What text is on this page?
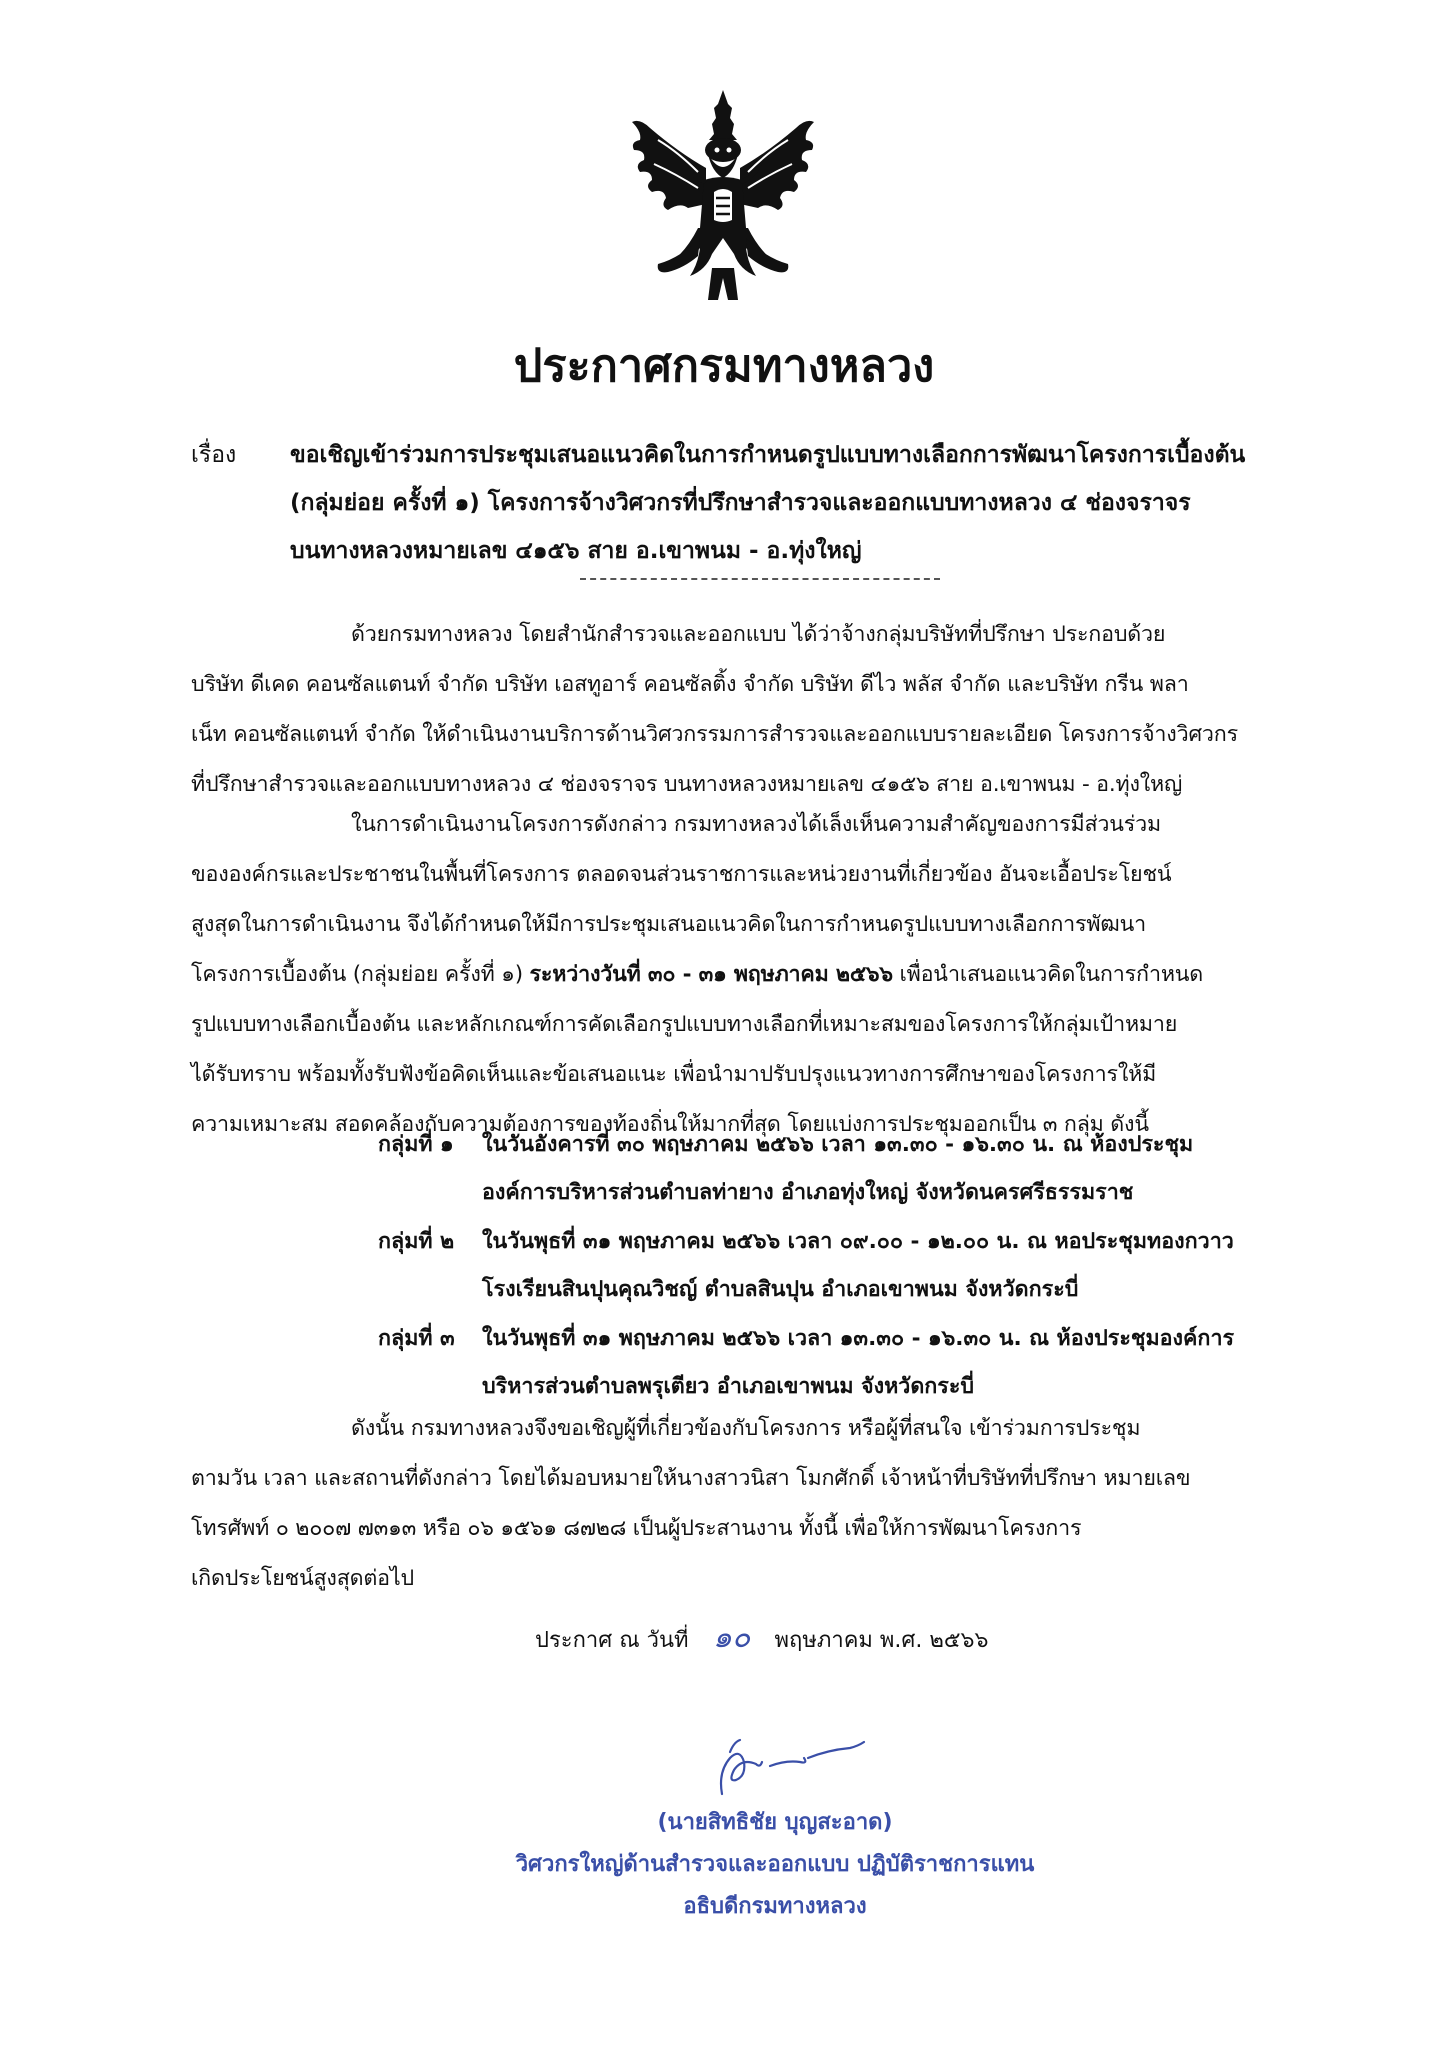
ประกาศกรมทางหลวง
เรื่อง ขอเชิญเข้าร่วมการประชุมเสนอแนวคิดในการกำหนดรูปแบบทางเลือกการพัฒนาโครงการเบื้องต้น
(กลุ่มย่อย ครั้งที่ ๑) โครงการจ้างวิศวกรที่ปรึกษาสำรวจและออกแบบทางหลวง ๔ ช่องจราจร
บนทางหลวงหมายเลข ๔๑๕๖ สาย อ.เขาพนม - อ.ทุ่งใหญ่
ด้วยกรมทางหลวง โดยสำนักสำรวจและออกแบบ ได้ว่าจ้างกลุ่มบริษัทที่ปรึกษา ประกอบด้วย
บริษัท ดีเคด คอนซัลแตนท์ จำกัด บริษัท เอสทูอาร์ คอนซัลติ้ง จำกัด บริษัท ดีไว พลัส จำกัด และบริษัท กรีน พลา
เน็ท คอนซัลแตนท์ จำกัด ให้ดำเนินงานบริการด้านวิศวกรรมการสำรวจและออกแบบรายละเอียด โครงการจ้างวิศวกร
ที่ปรึกษาสำรวจและออกแบบทางหลวง ๔ ช่องจราจร บนทางหลวงหมายเลข ๔๑๕๖ สาย อ.เขาพนม - อ.ทุ่งใหญ่
ในการดำเนินงานโครงการดังกล่าว กรมทางหลวงได้เล็งเห็นความสำคัญของการมีส่วนร่วม
ขององค์กรและประชาชนในพื้นที่โครงการ ตลอดจนส่วนราชการและหน่วยงานที่เกี่ยวข้อง อันจะเอื้อประโยชน์
สูงสุดในการดำเนินงาน จึงได้กำหนดให้มีการประชุมเสนอแนวคิดในการกำหนดรูปแบบทางเลือกการพัฒนา
โครงการเบื้องต้น (กลุ่มย่อย ครั้งที่ ๑) ระหว่างวันที่ ๓๐ - ๓๑ พฤษภาคม ๒๕๖๖ เพื่อนำเสนอแนวคิดในการกำหนด
รูปแบบทางเลือกเบื้องต้น และหลักเกณฑ์การคัดเลือกรูปแบบทางเลือกที่เหมาะสมของโครงการให้กลุ่มเป้าหมาย
ได้รับทราบ พร้อมทั้งรับฟังข้อคิดเห็นและข้อเสนอแนะ เพื่อนำมาปรับปรุงแนวทางการศึกษาของโครงการให้มี
ความเหมาะสม สอดคล้องกับความต้องการของท้องถิ่นให้มากที่สุด โดยแบ่งการประชุมออกเป็น ๓ กลุ่ม ดังนี้
กลุ่มที่ ๑ ในวันอังคารที่ ๓๐ พฤษภาคม ๒๕๖๖ เวลา ๑๓.๓๐ - ๑๖.๓๐ น. ณ ห้องประชุม
องค์การบริหารส่วนตำบลท่ายาง อำเภอทุ่งใหญ่ จังหวัดนครศรีธรรมราช
กลุ่มที่ ๒ ในวันพุธที่ ๓๑ พฤษภาคม ๒๕๖๖ เวลา ๐๙.๐๐ - ๑๒.๐๐ น. ณ หอประชุมทองกวาว
โรงเรียนสินปุนคุณวิชญ์ ตำบลสินปุน อำเภอเขาพนม จังหวัดกระบี่
กลุ่มที่ ๓ ในวันพุธที่ ๓๑ พฤษภาคม ๒๕๖๖ เวลา ๑๓.๓๐ - ๑๖.๓๐ น. ณ ห้องประชุมองค์การ
บริหารส่วนตำบลพรุเตียว อำเภอเขาพนม จังหวัดกระบี่
ดังนั้น กรมทางหลวงจึงขอเชิญผู้ที่เกี่ยวข้องกับโครงการ หรือผู้ที่สนใจ เข้าร่วมการประชุม
ตามวัน เวลา และสถานที่ดังกล่าว โดยได้มอบหมายให้นางสาวนิสา โมกศักดิ์ เจ้าหน้าที่บริษัทที่ปรึกษา หมายเลข
โทรศัพท์ ๐ ๒๐๐๗ ๗๓๑๓ หรือ ๐๖ ๑๕๖๑ ๘๗๒๘ เป็นผู้ประสานงาน ทั้งนี้ เพื่อให้การพัฒนาโครงการ
เกิดประโยชน์สูงสุดต่อไป
ประกาศ ณ วันที่ ๑๐ พฤษภาคม พ.ศ. ๒๕๖๖
(นายสิทธิชัย บุญสะอาด)
วิศวกรใหญ่ด้านสำรวจและออกแบบ ปฏิบัติราชการแทน
อธิบดีกรมทางหลวง
